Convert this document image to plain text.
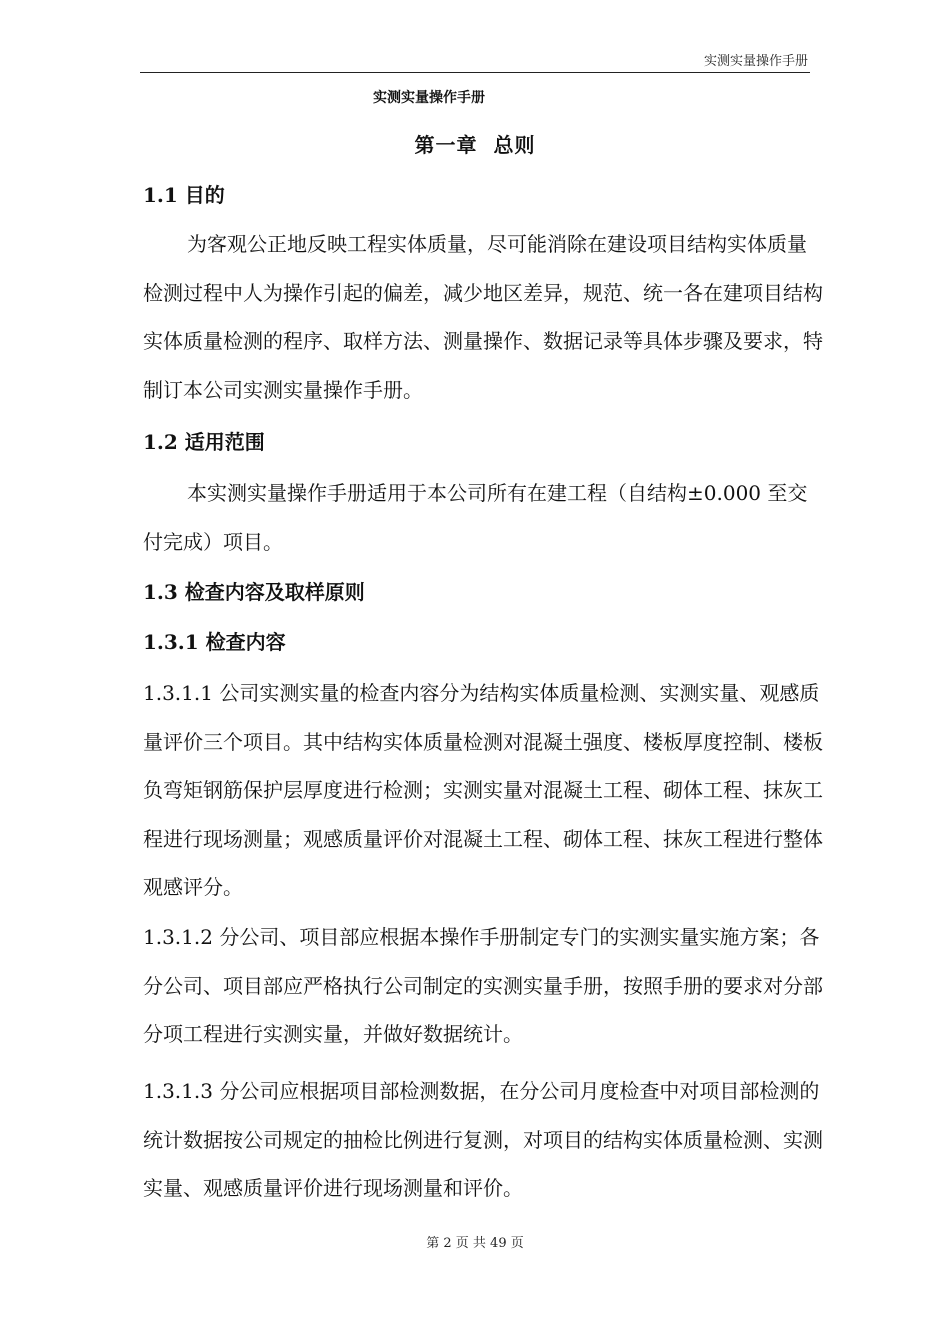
实测实量操作手册
实测实量操作手册
第一章  总则
1.1 目的

为客观公正地反映工程实体质量，尽可能消除在建设项目结构实体质量检测过程中人为操作引起的偏差，减少地区差异，规范、统一各在建项目结构实体质量检测的程序、取样方法、测量操作、数据记录等具体步骤及要求，特制订本公司实测实量操作手册。

1.2 适用范围

本实测实量操作手册适用于本公司所有在建工程（自结构±0.000 至交付完成）项目。

1.3 检查内容及取样原则
1.3.1 检查内容

1.3.1.1 公司实测实量的检查内容分为结构实体质量检测、实测实量、观感质量评价三个项目。其中结构实体质量检测对混凝土强度、楼板厚度控制、楼板负弯矩钢筋保护层厚度进行检测；实测实量对混凝土工程、砌体工程、抹灰工程进行现场测量；观感质量评价对混凝土工程、砌体工程、抹灰工程进行整体观感评分。

1.3.1.2 分公司、项目部应根据本操作手册制定专门的实测实量实施方案；各分公司、项目部应严格执行公司制定的实测实量手册，按照手册的要求对分部分项工程进行实测实量，并做好数据统计。

1.3.1.3 分公司应根据项目部检测数据，在分公司月度检查中对项目部检测的统计数据按公司规定的抽检比例进行复测，对项目的结构实体质量检测、实测实量、观感质量评价进行现场测量和评价。

第 2 页 共 49 页
